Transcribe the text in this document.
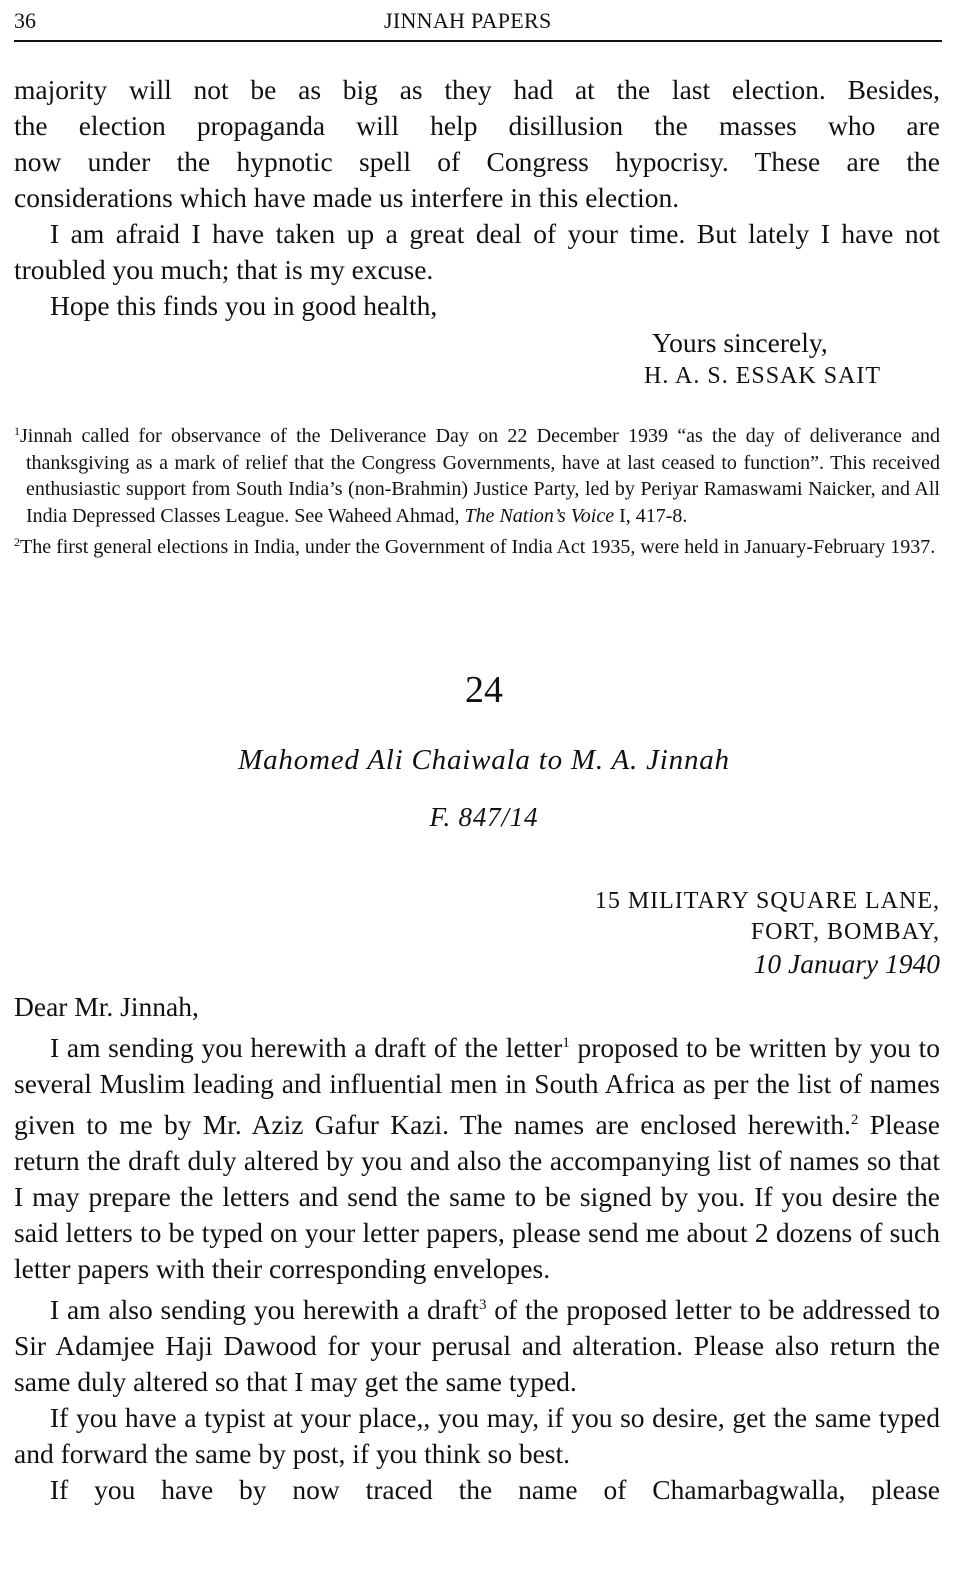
36	JINNAH PAPERS

majority will not be as big as they had at the last election. Besides,

the election propaganda will help disillusion the masses who are

now under the hypnotic spell of Congress hypocrisy. These are the

considerations which have made us interfere in this election.

I am afraid I have taken up a great deal of your time. But lately I have not troubled you much; that is my excuse.

Hope this finds you in good health,

Yours sincerely,
H. A. S. ESSAK SAIT

$^1$Jinnah called for observance of the Deliverance Day on 22 December 1939 “as the day of deliverance and thanksgiving as a mark of relief that the Congress Governments, have at last ceased to function”. This received enthusiastic support from South India’s (non-Brahmin) Justice Party, led by Periyar Ramaswami Naicker, and All India Depressed Classes League. See Waheed Ahmad, The Nation’s Voice I, 417-8.

$^2$The first general elections in India, under the Government of India Act 1935, were held in January-February 1937.

24
Mahomed Ali Chaiwala to M. A. Jinnah
F. 847/14
15 MILITARY SQUARE LANE,
FORT, BOMBAY,
10 January 1940

Dear Mr. Jinnah,

I am sending you herewith a draft of the letter$^1$ proposed to be written by you to several Muslim leading and influential men in South Africa as per the list of names given to me by Mr. Aziz Gafur Kazi. The names are enclosed herewith.$^2$ Please return the draft duly altered by you and also the accompanying list of names so that I may prepare the letters and send the same to be signed by you. If you desire the said letters to be typed on your letter papers, please send me about 2 dozens of such letter papers with their corresponding envelopes.

I am also sending you herewith a draft$^3$ of the proposed letter to be addressed to Sir Adamjee Haji Dawood for your perusal and alteration. Please also return the same duly altered so that I may get the same typed.

If you have a typist at your place,, you may, if you so desire, get the same typed and forward the same by post, if you think so best.

If you have by now traced the name of Chamarbagwalla, please
